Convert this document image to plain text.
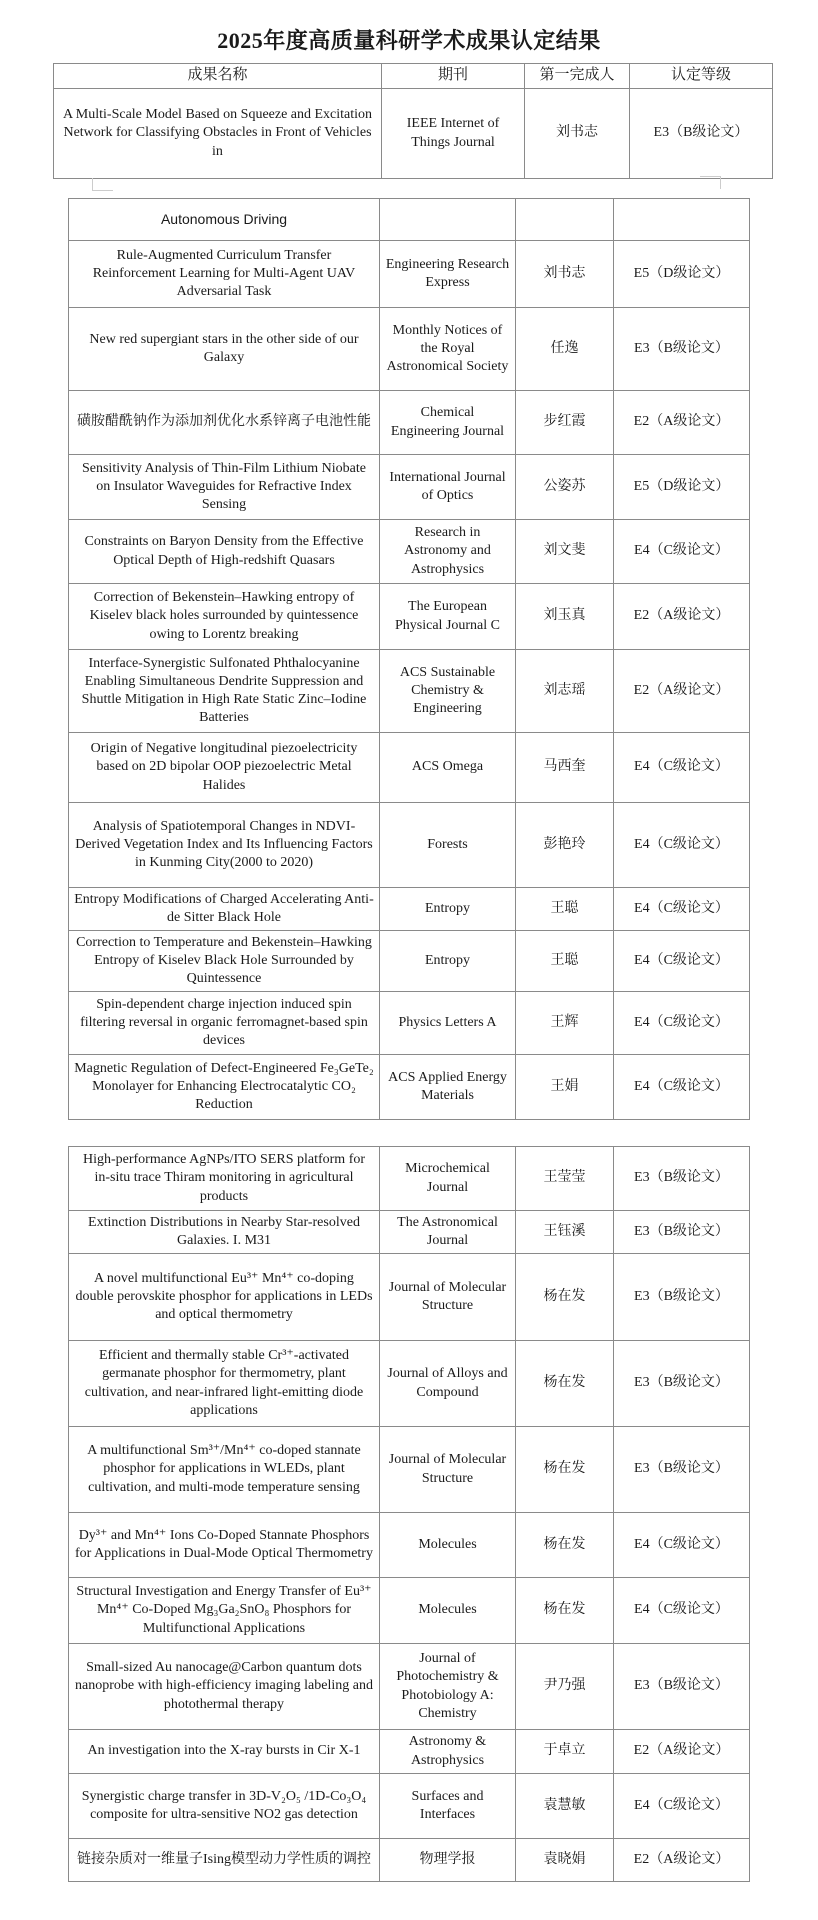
2025年度高质量科研学术成果认定结果
成果名称	期刊	第一完成人	认定等级
A Multi-Scale Model Based on Squeeze and Excitation Network for Classifying Obstacles in Front of Vehicles in	IEEE Internet of Things Journal	刘书志	E3（B级论文）
Autonomous Driving			
Rule-Augmented Curriculum Transfer Reinforcement Learning for Multi-Agent UAV Adversarial Task	Engineering Research Express	刘书志	E5（D级论文）
New red supergiant stars in the other side of our Galaxy	Monthly Notices of the Royal Astronomical Society	任逸	E3（B级论文）
磺胺醋酰钠作为添加剂优化水系锌离子电池性能	Chemical Engineering Journal	步红霞	E2（A级论文）
Sensitivity Analysis of Thin-Film Lithium Niobate on Insulator Waveguides for Refractive Index Sensing	International Journal of Optics	公姿苏	E5（D级论文）
Constraints on Baryon Density from the Effective Optical Depth of High-redshift Quasars	Research in Astronomy and Astrophysics	刘文斐	E4（C级论文）
Correction of Bekenstein–Hawking entropy of Kiselev black holes surrounded by quintessence owing to Lorentz breaking	The European Physical Journal C	刘玉真	E2（A级论文）
Interface-Synergistic Sulfonated Phthalocyanine Enabling Simultaneous Dendrite Suppression and Shuttle Mitigation in High Rate Static Zinc–Iodine Batteries	ACS Sustainable Chemistry & Engineering	刘志瑶	E2（A级论文）
Origin of Negative longitudinal piezoelectricity based on 2D bipolar OOP piezoelectric Metal Halides	ACS Omega	马西奎	E4（C级论文）
Analysis of Spatiotemporal Changes in NDVI-Derived Vegetation Index and Its Influencing Factors in Kunming City(2000 to 2020)	Forests	彭艳玲	E4（C级论文）
Entropy Modifications of Charged Accelerating Anti-de Sitter Black Hole	Entropy	王聪	E4（C级论文）
Correction to Temperature and Bekenstein–Hawking Entropy of Kiselev Black Hole Surrounded by Quintessence	Entropy	王聪	E4（C级论文）
Spin-dependent charge injection induced spin filtering reversal in organic ferromagnet-based spin devices	Physics Letters A	王辉	E4（C级论文）
Magnetic Regulation of Defect-Engineered Fe₃GeTe₂ Monolayer for Enhancing Electrocatalytic CO₂ Reduction	ACS Applied Energy Materials	王娟	E4（C级论文）
High-performance AgNPs/ITO SERS platform for in-situ trace Thiram monitoring in agricultural products	Microchemical Journal	王莹莹	E3（B级论文）
Extinction Distributions in Nearby Star-resolved Galaxies. I. M31	The Astronomical Journal	王钰溪	E3（B级论文）
A novel multifunctional Eu³⁺ Mn⁴⁺ co-doping double perovskite phosphor for applications in LEDs and optical thermometry	Journal of Molecular Structure	杨在发	E3（B级论文）
Efficient and thermally stable Cr³⁺-activated germanate phosphor for thermometry, plant cultivation, and near-infrared light-emitting diode applications	Journal of Alloys and Compound	杨在发	E3（B级论文）
A multifunctional Sm³⁺/Mn⁴⁺ co-doped stannate phosphor for applications in WLEDs, plant cultivation, and multi-mode temperature sensing	Journal of Molecular Structure	杨在发	E3（B级论文）
Dy³⁺ and Mn⁴⁺ Ions Co-Doped Stannate Phosphors for Applications in Dual-Mode Optical Thermometry	Molecules	杨在发	E4（C级论文）
Structural Investigation and Energy Transfer of Eu³⁺ Mn⁴⁺ Co-Doped Mg₃Ga₂SnO₈ Phosphors for Multifunctional Applications	Molecules	杨在发	E4（C级论文）
Small-sized Au nanocage@Carbon quantum dots nanoprobe with high-efficiency imaging labeling and photothermal therapy	Journal of Photochemistry & Photobiology A: Chemistry	尹乃强	E3（B级论文）
An investigation into the X-ray bursts in Cir X-1	Astronomy & Astrophysics	于卓立	E2（A级论文）
Synergistic charge transfer in 3D-V₂O₅ /1D-Co₃O₄ composite for ultra-sensitive NO2 gas detection	Surfaces and Interfaces	袁慧敏	E4（C级论文）
链接杂质对一维量子Ising模型动力学性质的调控	物理学报	袁晓娟	E2（A级论文）
